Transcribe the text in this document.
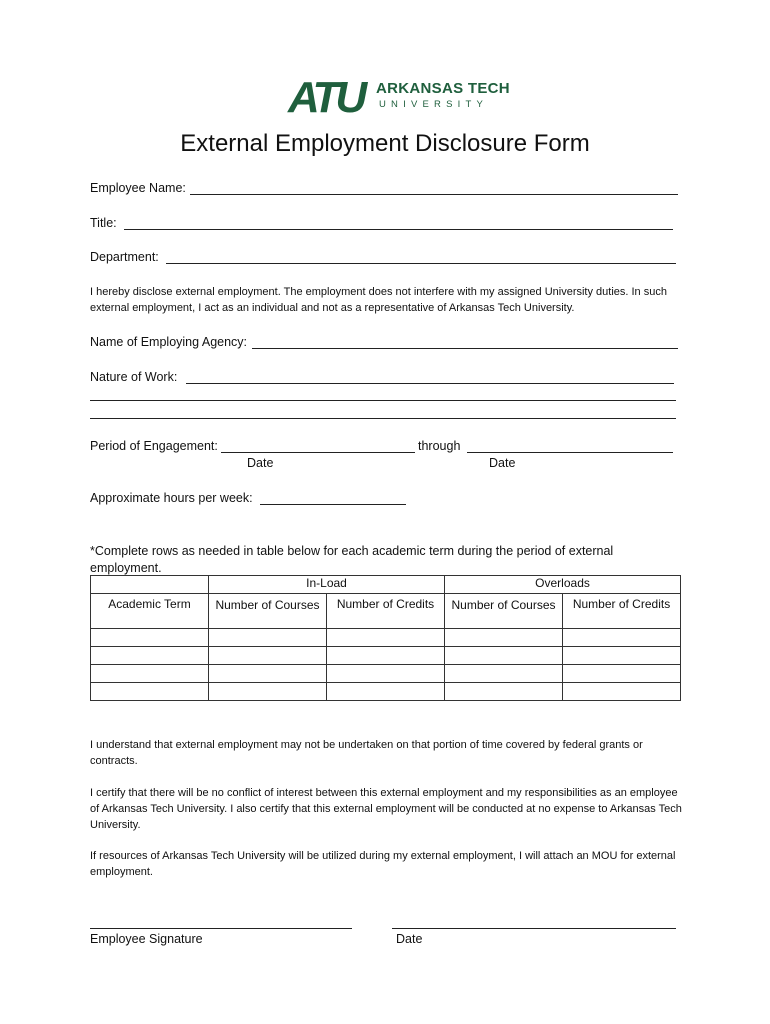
ATU ARKANSAS TECH
UNIVERSITY
External Employment Disclosure Form
Employee Name:
Title:
Department:
I hereby disclose external employment. The employment does not interfere with my assigned University duties. In such external employment, I act as an individual and not as a representative of Arkansas Tech University.
Name of Employing Agency:
Nature of Work:
Period of Engagement:	through
Date	Date
Approximate hours per week:
*Complete rows as needed in table below for each academic term during the period of external employment.
	In-Load		Overloads	
Academic Term	Number of Courses	Number of Credits	Number of Courses	Number of Credits

I understand that external employment may not be undertaken on that portion of time covered by federal grants or contracts.
I certify that there will be no conflict of interest between this external employment and my responsibilities as an employee of Arkansas Tech University. I also certify that this external employment will be conducted at no expense to Arkansas Tech University.
If resources of Arkansas Tech University will be utilized during my external employment, I will attach an MOU for external employment.
Employee Signature	Date
